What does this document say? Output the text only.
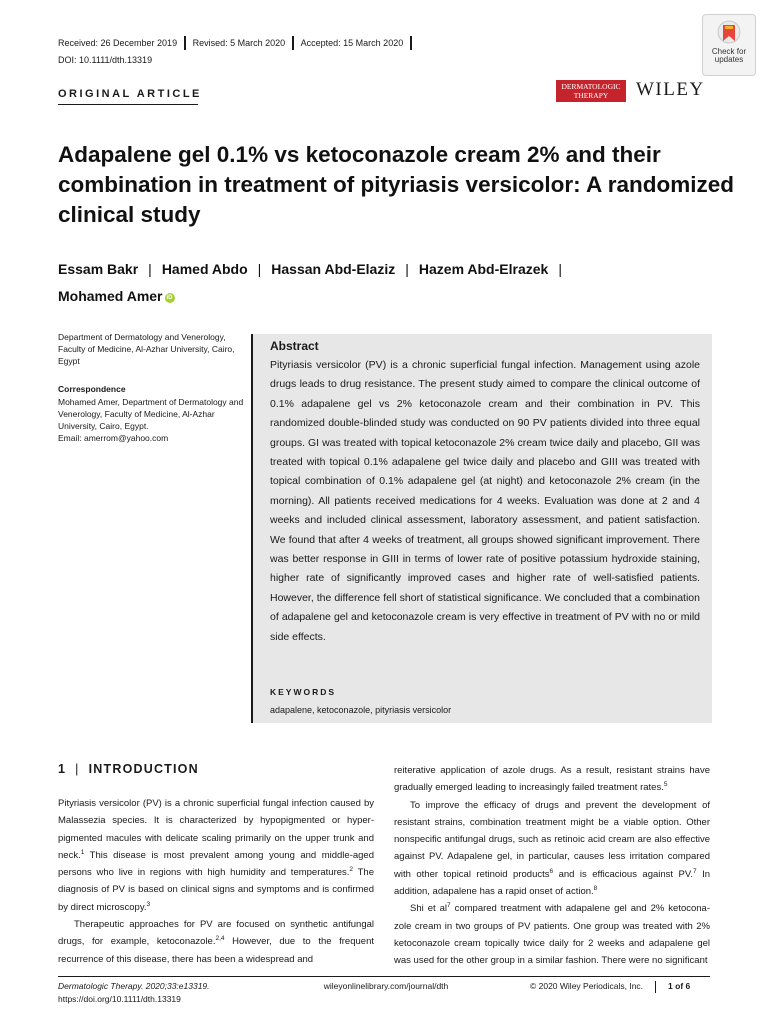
Received: 26 December 2019 Revised: 5 March 2020 Accepted: 15 March 2020
DOI: 10.1111/dth.13319
Check for updates
ORIGINAL ARTICLE
DERMATOLOGIC
THERAPY	WILEY
Adapalene gel 0.1% vs ketoconazole cream 2% and their combination in treatment of pityriasis versicolor: A randomized clinical study
Essam Bakr | Hamed Abdo | Hassan Abd-Elaziz | Hazem Abd-Elrazek |
Mohamed Amer iD
Department of Dermatology and Venerology, Faculty of Medicine, Al-Azhar University, Cairo, Egypt
Correspondence
Mohamed Amer, Department of Dermatology and Venerology, Faculty of Medicine, Al-Azhar University, Cairo, Egypt.
Email: amerrom@yahoo.com
Abstract
Pityriasis versicolor (PV) is a chronic superficial fungal infection. Management using azole drugs leads to drug resistance. The present study aimed to compare the clinical outcome of 0.1% adapalene gel vs 2% ketoconazole cream and their combination in PV. This randomized double-blinded study was conducted on 90 PV patients divided into three equal groups. GI was treated with topical ketoconazole 2% cream twice daily and placebo, GII was treated with topical 0.1% adapalene gel twice daily and placebo and GIII was treated with topical combination of 0.1% adapalene gel (at night) and ketoconazole 2% cream (in the morning). All patients received medications for 4 weeks. Evaluation was done at 2 and 4 weeks and included clinical assessment, laboratory assessment, and patient satisfaction. We found that after 4 weeks of treatment, all groups showed significant improvement. There was better response in GIII in terms of lower rate of positive potassium hydroxide staining, higher rate of significantly improved cases and higher rate of well-satisfied patients. However, the difference fell short of statistical significance. We concluded that a combination of adapalene gel and ketoconazole cream is very effective in treatment of PV with no or mild side effects.
KEYWORDS
adapalene, ketoconazole, pityriasis versicolor
1 | INTRODUCTION

Pityriasis versicolor (PV) is a chronic superficial fungal infection caused by Malassezia species. It is characterized by hypopigmented or hyperpigmented macules with delicate scaling primarily on the upper trunk and neck.$^1$ This disease is most prevalent among young and middle-aged persons who live in regions with high humidity and temperatures.$^2$ The diagnosis of PV is based on clinical signs and symptoms and is confirmed by direct microscopy.$^3$

Therapeutic approaches for PV are focused on synthetic antifungal drugs, for example, ketoconazole.$^{2,4}$ However, due to the frequent recurrence of this disease, there has been a widespread and

reiterative application of azole drugs. As a result, resistant strains have gradually emerged leading to increasingly failed treatment rates.$^5$

To improve the efficacy of drugs and prevent the development of resistant strains, combination treatment might be a viable option. Other nonspecific antifungal drugs, such as retinoic acid cream are also effective against PV. Adapalene gel, in particular, causes less irritation compared with other topical retinoid products$^6$ and is efficacious against PV.$^7$ In addition, adapalene has a rapid onset of action.$^8$

Shi et $al^7$ compared treatment with adapalene gel and 2% ketoconazole cream in two groups of PV patients. One group was treated with 2% ketoconazole cream topically twice daily for 2 weeks and adapalene gel was used for the other group in a similar fashion. There were no significant

Dermatologic Therapy. 2020;33:e13319.
https://doi.org/10.1111/dth.13319
wileyonlinelibrary.com/journal/dth	© 2020 Wiley Periodicals, Inc.	1 of 6
